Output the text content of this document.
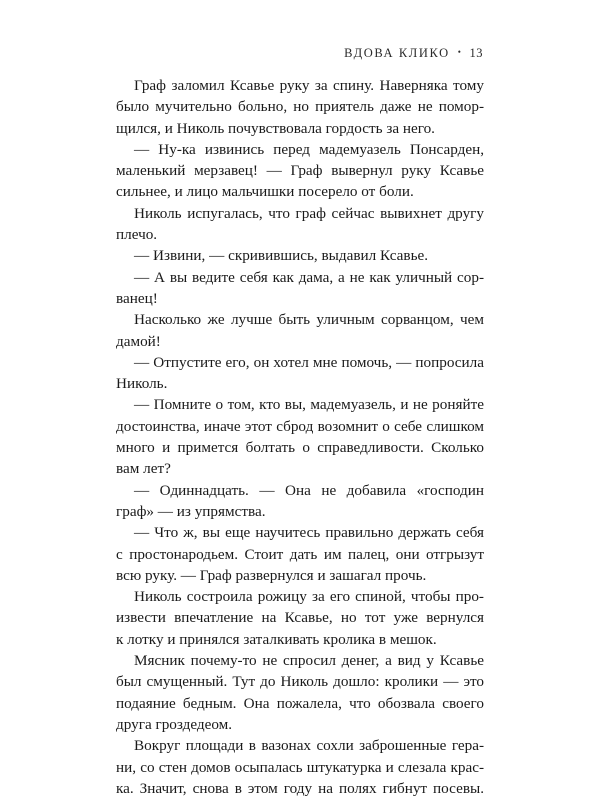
ВДОВА КЛИКО • 13
Граф заломил Ксавье руку за спину. Наверняка тому
было мучительно больно, но приятель даже не помор-
щился, и Николь почувствовала гордость за него.
— Ну-ка извинись перед мадемуазель Понсарден,
маленький мерзавец! — Граф вывернул руку Ксавье
сильнее, и лицо мальчишки посерело от боли.
Николь испугалась, что граф сейчас вывихнет другу
плечо.
— Извини, — скривившись, выдавил Ксавье.
— А вы ведите себя как дама, а не как уличный сор-
ванец!
Насколько же лучше быть уличным сорванцом, чем
дамой!
— Отпустите его, он хотел мне помочь, — попросила
Николь.
— Помните о том, кто вы, мадемуазель, и не роняйте
достоинства, иначе этот сброд возомнит о себе слишком
много и примется болтать о справедливости. Сколько
вам лет?
— Одиннадцать. — Она не добавила «господин
граф» — из упрямства.
— Что ж, вы еще научитесь правильно держать себя
с простонародьем. Стоит дать им палец, они отгрызут
всю руку. — Граф развернулся и зашагал прочь.
Николь состроила рожицу за его спиной, чтобы про-
извести впечатление на Ксавье, но тот уже вернулся
к лотку и принялся заталкивать кролика в мешок.
Мясник почему-то не спросил денег, а вид у Ксавье
был смущенный. Тут до Николь дошло: кролики — это
подаяние бедным. Она пожалела, что обозвала своего
друга гроздедеом.
Вокруг площади в вазонах сохли заброшенные гера-
ни, со стен домов осыпалась штукатурка и слезала крас-
ка. Значит, снова в этом году на полях гибнут посевы.
